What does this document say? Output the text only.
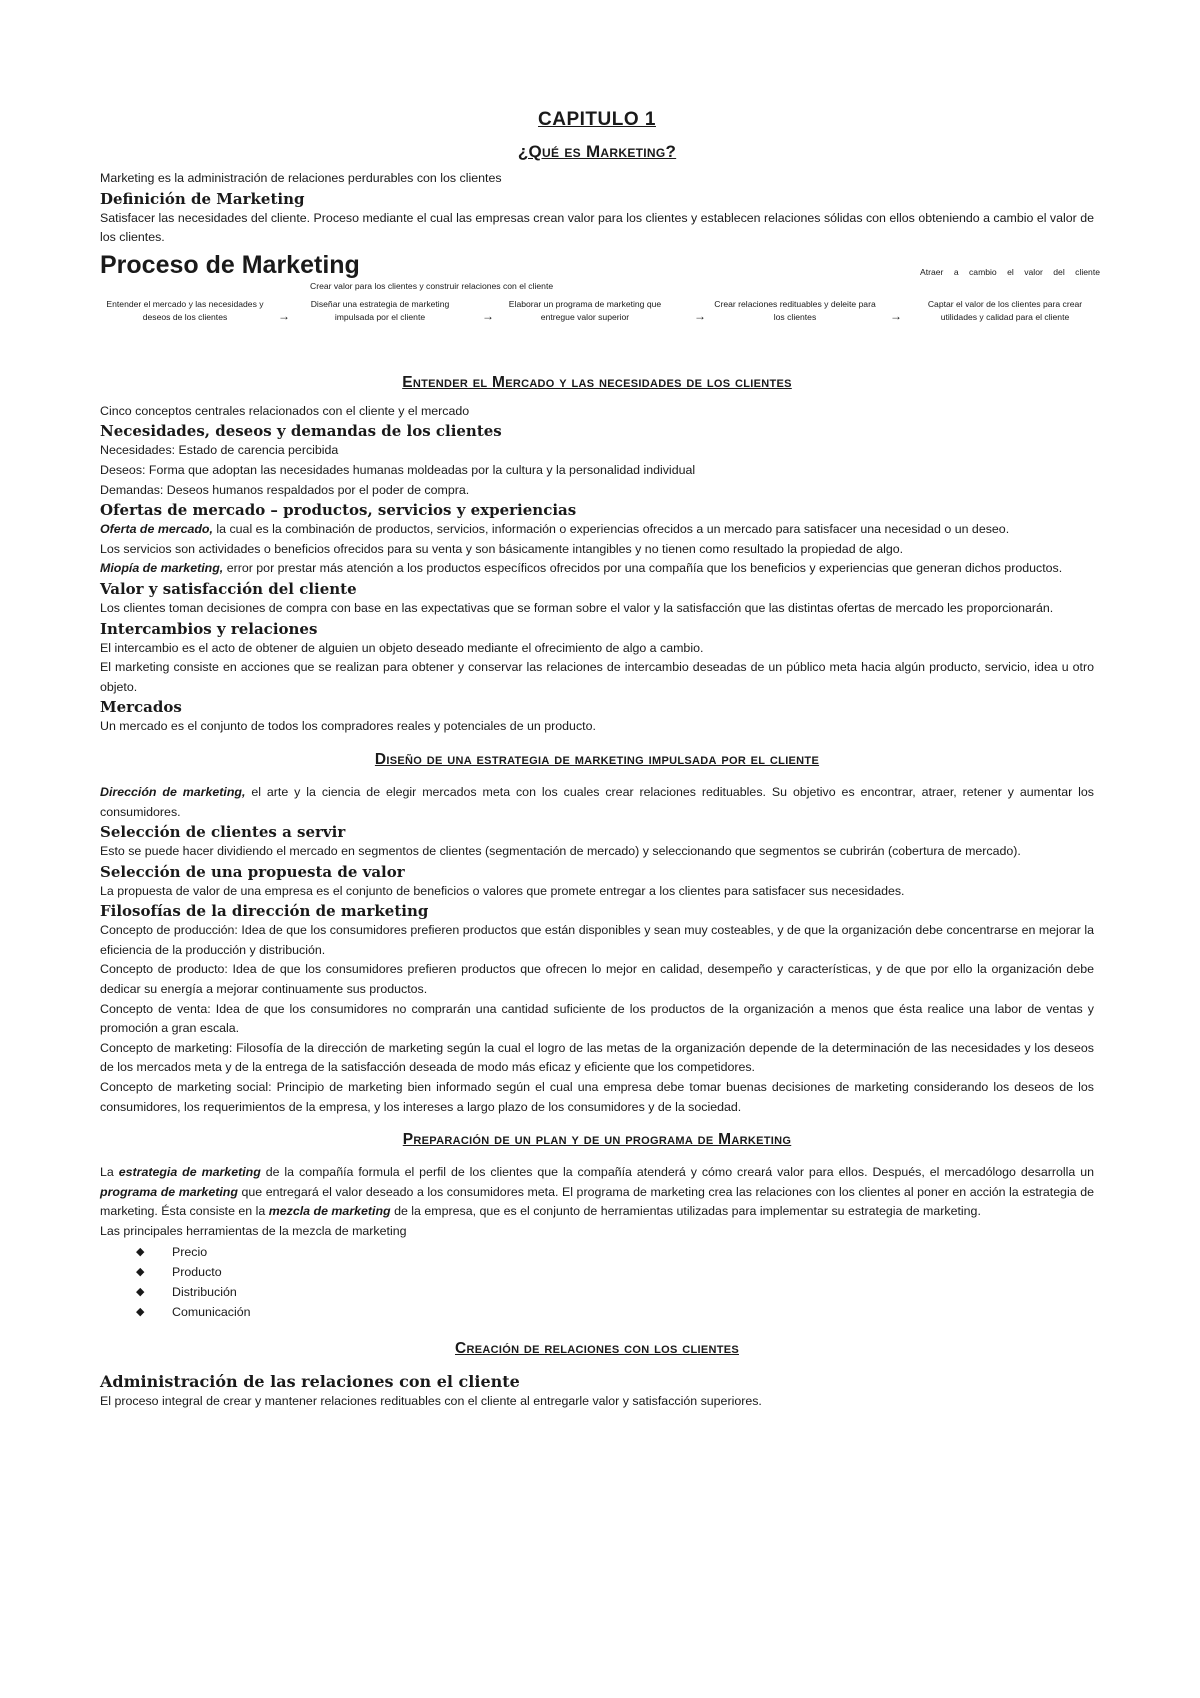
CAPITULO 1
¿Qué es Marketing?

Marketing es la administración de relaciones perdurables con los clientes

Definición de Marketing

Satisfacer las necesidades del cliente. Proceso mediante el cual las empresas crean valor para los clientes y establecen relaciones sólidas con ellos obteniendo a cambio el valor de los clientes.

Proceso de Marketing
Crear valor para los clientes y construir relaciones con el cliente
Atraer a cambio el valor del cliente
Entender el mercado y las necesidades y deseos de los clientes	→
Diseñar una estrategia de marketing impulsada por el cliente	→
Elaborar un programa de marketing que entregue valor superior	→
Crear relaciones redituables y deleite para los clientes	→
Captar el valor de los clientes para crear utilidades y calidad para el cliente
Entender el Mercado y las necesidades de los clientes

Cinco conceptos centrales relacionados con el cliente y el mercado

Necesidades, deseos y demandas de los clientes

Necesidades: Estado de carencia percibida

Deseos: Forma que adoptan las necesidades humanas moldeadas por la cultura y la personalidad individual

Demandas: Deseos humanos respaldados por el poder de compra.

Ofertas de mercado – productos, servicios y experiencias

Oferta de mercado, la cual es la combinación de productos, servicios, información o experiencias ofrecidos a un mercado para satisfacer una necesidad o un deseo.

Los servicios son actividades o beneficios ofrecidos para su venta y son básicamente intangibles y no tienen como resultado la propiedad de algo.

Miopía de marketing, error por prestar más atención a los productos específicos ofrecidos por una compañía que los beneficios y experiencias que generan dichos productos.

Valor y satisfacción del cliente

Los clientes toman decisiones de compra con base en las expectativas que se forman sobre el valor y la satisfacción que las distintas ofertas de mercado les proporcionarán.

Intercambios y relaciones

El intercambio es el acto de obtener de alguien un objeto deseado mediante el ofrecimiento de algo a cambio.

El marketing consiste en acciones que se realizan para obtener y conservar las relaciones de intercambio deseadas de un público meta hacia algún producto, servicio, idea u otro objeto.

Mercados

Un mercado es el conjunto de todos los compradores reales y potenciales de un producto.

Diseño de una estrategia de marketing impulsada por el cliente

Dirección de marketing, el arte y la ciencia de elegir mercados meta con los cuales crear relaciones redituables. Su objetivo es encontrar, atraer, retener y aumentar los consumidores.

Selección de clientes a servir

Esto se puede hacer dividiendo el mercado en segmentos de clientes (segmentación de mercado) y seleccionando que segmentos se cubrirán (cobertura de mercado).

Selección de una propuesta de valor

La propuesta de valor de una empresa es el conjunto de beneficios o valores que promete entregar a los clientes para satisfacer sus necesidades.

Filosofías de la dirección de marketing

Concepto de producción: Idea de que los consumidores prefieren productos que están disponibles y sean muy costeables, y de que la organización debe concentrarse en mejorar la eficiencia de la producción y distribución.

Concepto de producto: Idea de que los consumidores prefieren productos que ofrecen lo mejor en calidad, desempeño y características, y de que por ello la organización debe dedicar su energía a mejorar continuamente sus productos.

Concepto de venta: Idea de que los consumidores no comprarán una cantidad suficiente de los productos de la organización a menos que ésta realice una labor de ventas y promoción a gran escala.

Concepto de marketing: Filosofía de la dirección de marketing según la cual el logro de las metas de la organización depende de la determinación de las necesidades y los deseos de los mercados meta y de la entrega de la satisfacción deseada de modo más eficaz y eficiente que los competidores.

Concepto de marketing social: Principio de marketing bien informado según el cual una empresa debe tomar buenas decisiones de marketing considerando los deseos de los consumidores, los requerimientos de la empresa, y los intereses a largo plazo de los consumidores y de la sociedad.

Preparación de un plan y de un programa de Marketing

La estrategia de marketing de la compañía formula el perfil de los clientes que la compañía atenderá y cómo creará valor para ellos. Después, el mercadólogo desarrolla un programa de marketing que entregará el valor deseado a los consumidores meta. El programa de marketing crea las relaciones con los clientes al poner en acción la estrategia de marketing. Ésta consiste en la mezcla de marketing de la empresa, que es el conjunto de herramientas utilizadas para implementar su estrategia de marketing.

Las principales herramientas de la mezcla de marketing

◆ Precio
◆ Producto
◆ Distribución
◆ Comunicación
Creación de relaciones con los clientes
Administración de las relaciones con el cliente

El proceso integral de crear y mantener relaciones redituables con el cliente al entregarle valor y satisfacción superiores.
